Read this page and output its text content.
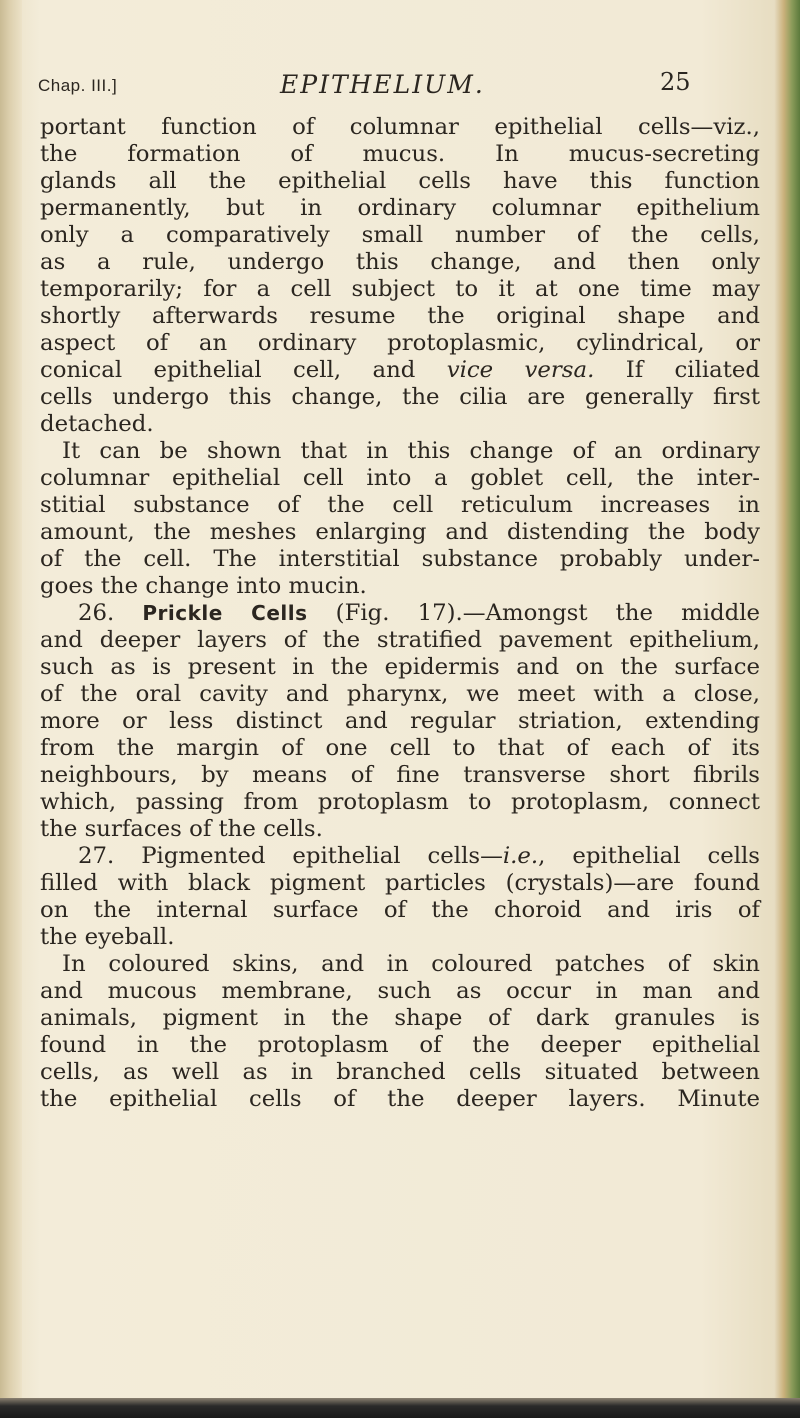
Chap. III.]	EPITHELIUM.	25
portant function of columnar epithelial cells—viz.,
the formation of mucus. In mucus-secreting
glands all the epithelial cells have this function
permanently, but in ordinary columnar epithelium
only a comparatively small number of the cells,
as a rule, undergo this change, and then only
temporarily; for a cell subject to it at one time may
shortly afterwards resume the original shape and
aspect of an ordinary protoplasmic, cylindrical, or
conical epithelial cell, and vice versa. If ciliated
cells undergo this change, the cilia are generally first
detached.
It can be shown that in this change of an ordinary
columnar epithelial cell into a goblet cell, the inter-
stitial substance of the cell reticulum increases in
amount, the meshes enlarging and distending the body
of the cell. The interstitial substance probably under-
goes the change into mucin.
26. Prickle Cells (Fig. 17).—Amongst the middle
and deeper layers of the stratified pavement epithelium,
such as is present in the epidermis and on the surface
of the oral cavity and pharynx, we meet with a close,
more or less distinct and regular striation, extending
from the margin of one cell to that of each of its
neighbours, by means of fine transverse short fibrils
which, passing from protoplasm to protoplasm, connect
the surfaces of the cells.
27. Pigmented epithelial cells—i.e., epithelial cells
filled with black pigment particles (crystals)—are found
on the internal surface of the choroid and iris of
the eyeball.
In coloured skins, and in coloured patches of skin
and mucous membrane, such as occur in man and
animals, pigment in the shape of dark granules is
found in the protoplasm of the deeper epithelial
cells, as well as in branched cells situated between
the epithelial cells of the deeper layers. Minute
